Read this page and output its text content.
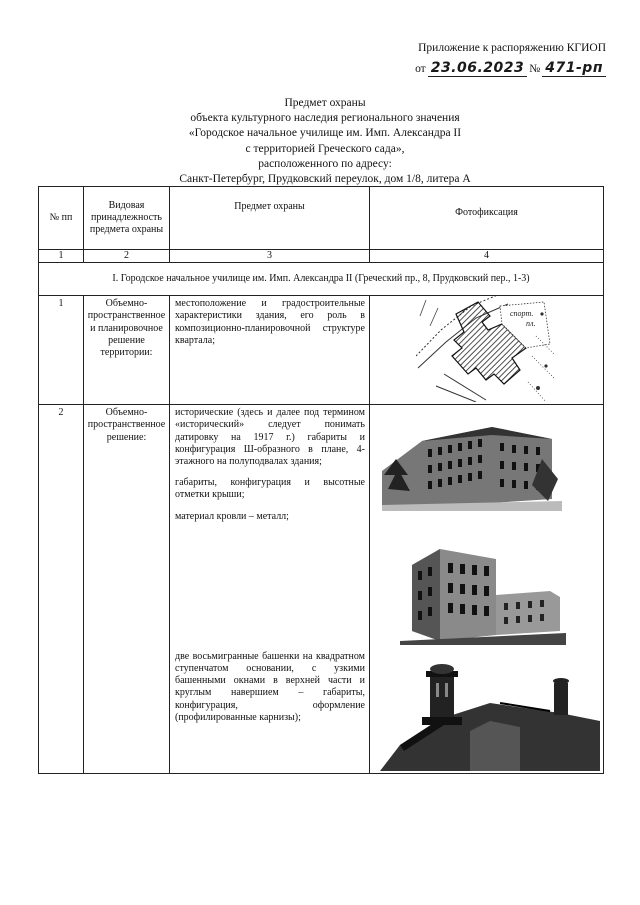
Приложение к распоряжению КГИОП
от 23.06.2023 № 471-рп
Предмет охраны
объекта культурного наследия регионального значения
«Городское начальное училище им. Имп. Александра II
с территорией Греческого сада»,
расположенного по адресу:
Санкт-Петербург, Прудковский переулок, дом 1/8, литера А
№ пп	Видовая принадлежность предмета охраны	Предмет охраны	Фотофиксация
1	2	3	4
I. Городское начальное училище им. Имп. Александра II (Греческий пр., 8, Прудковский пер., 1-3)			
1	Объемно-пространственное и планировочное решение территории:	местоположение и градостроительные характеристики здания, его роль в композиционно-планировочной структуре квартала;	спорт.
пл.

2	Объемно-пространственное решение:	исторические (здесь и далее под термином «исторический» следует понимать датировку на 1917 г.) габариты и конфигурация Ш-образного в плане, 4-этажного на полуподвалах здания;

габариты, конфигурация и высотные отметки крыши;

материал кровли – металл;

две восьмигранные башенки на квадратном ступенчатом основании, с узкими башенными окнами в верхней части и круглым навершием – габариты, конфигурация, оформление (профилированные карнизы);
